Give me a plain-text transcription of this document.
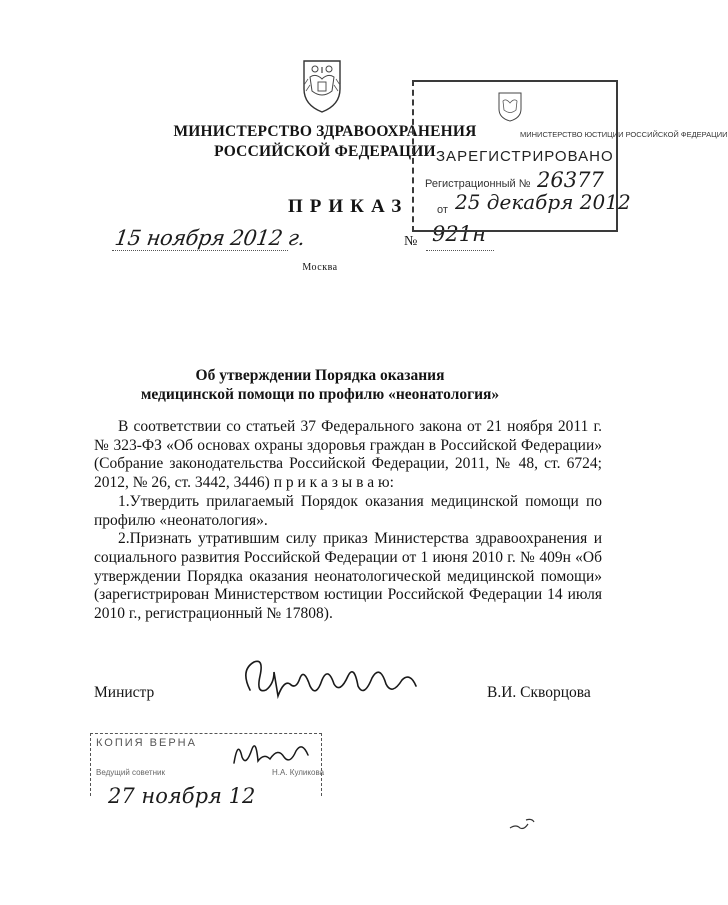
МИНИСТЕРСТВО ЗДРАВООХРАНЕНИЯ
РОССИЙСКОЙ ФЕДЕРАЦИИ
ПРИКАЗ
15 ноября 2012 г.	№ 921н
Москва
МИНИСТЕРСТВО ЮСТИЦИИ РОССИЙСКОЙ ФЕДЕРАЦИИ
ЗАРЕГИСТРИРОВАНО
Регистрационный № 26377
от 25 декабря 2012
Об утверждении Порядка оказания
медицинской помощи по профилю «неонатология»

В соответствии со статьей 37 Федерального закона от 21 ноября 2011 г. № 323-ФЗ «Об основах охраны здоровья граждан в Российской Федерации» (Собрание законодательства Российской Федерации, 2011, № 48, ст. 6724; 2012, № 26, ст. 3442, 3446) п р и к а з ы в а ю:

1.Утвердить прилагаемый Порядок оказания медицинской помощи по профилю «неонатология».

2.Признать утратившим силу приказ Министерства здравоохранения и социального развития Российской Федерации от 1 июня 2010 г. № 409н «Об утверждении Порядка оказания неонатологической медицинской помощи» (зарегистрирован Министерством юстиции Российской Федерации 14 июля 2010 г., регистрационный № 17808).

Министр	В.И. Скворцова
КОПИЯ ВЕРНА
Ведущий советник	Н.А. Куликова
27 ноября 12
